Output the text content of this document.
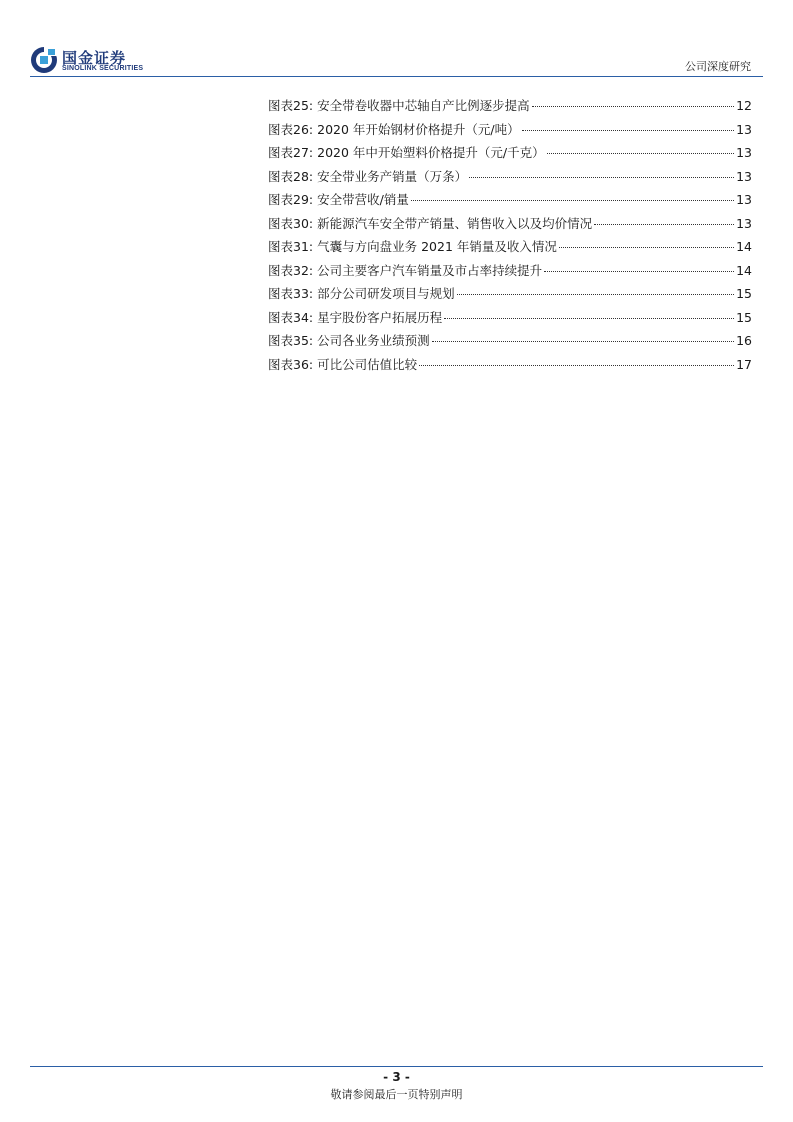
国金证券
SINOLINK SECURITIES	公司深度研究
图表25: 安全带卷收器中芯轴自产比例逐步提高	12
图表26: 2020 年开始钢材价格提升（元/吨）	13
图表27: 2020 年中开始塑料价格提升（元/千克）	13
图表28: 安全带业务产销量（万条）	13
图表29: 安全带营收/销量	13
图表30: 新能源汽车安全带产销量、销售收入以及均价情况	13
图表31: 气囊与方向盘业务 2021 年销量及收入情况	14
图表32: 公司主要客户汽车销量及市占率持续提升	14
图表33: 部分公司研发项目与规划	15
图表34: 星宇股份客户拓展历程	15
图表35: 公司各业务业绩预测	16
图表36: 可比公司估值比较	17
- 3 -
敬请参阅最后一页特别声明
